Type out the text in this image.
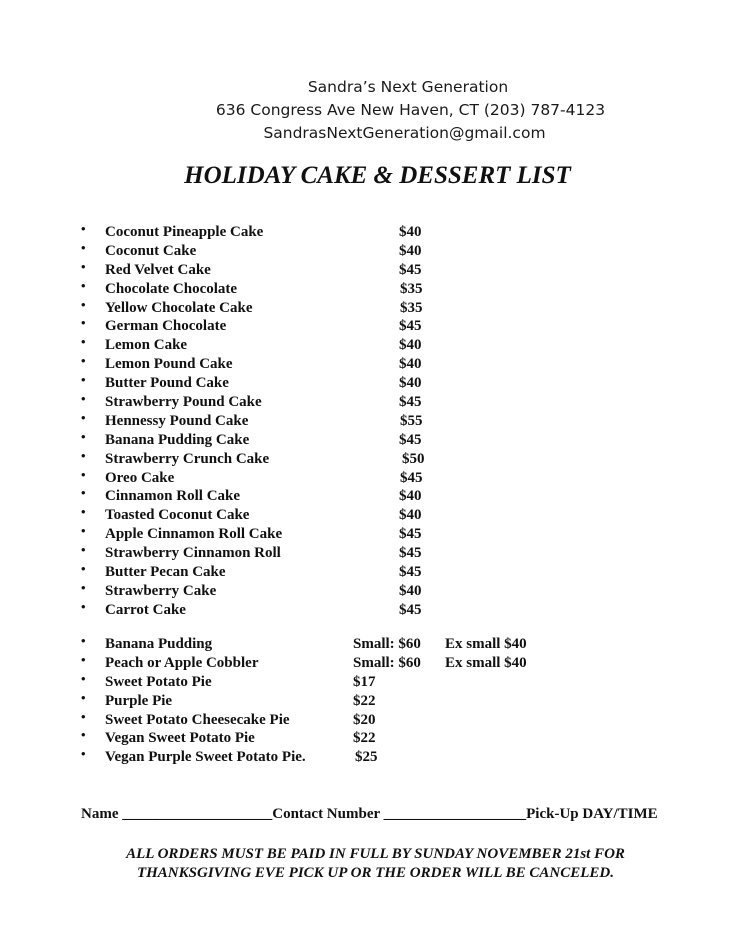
Sandra’s Next Generation
636 Congress Ave New Haven, CT (203) 787-4123
SandrasNextGeneration@gmail.com
HOLIDAY CAKE & DESSERT LIST
• Coconut Pineapple Cake	$40
• Coconut Cake	$40
• Red Velvet Cake	$45
• Chocolate Chocolate	$35
• Yellow Chocolate Cake	$35
• German Chocolate	$45
• Lemon Cake	$40
• Lemon Pound Cake	$40
• Butter Pound Cake	$40
• Strawberry Pound Cake	$45
• Hennessy Pound Cake	$55
• Banana Pudding Cake	$45
• Strawberry Crunch Cake	$50
• Oreo Cake	$45
• Cinnamon Roll Cake	$40
• Toasted Coconut Cake	$40
• Apple Cinnamon Roll Cake	$45
• Strawberry Cinnamon Roll	$45
• Butter Pecan Cake	$45
• Strawberry Cake	$40
• Carrot Cake	$45
• Banana Pudding	Small: $60 Ex small $40
• Peach or Apple Cobbler	Small: $60 Ex small $40
• Sweet Potato Pie	$17
• Purple Pie	$22
• Sweet Potato Cheesecake Pie	$20
• Vegan Sweet Potato Pie	$22
• Vegan Purple Sweet Potato Pie.	$25
Name ____________________Contact Number ___________________Pick-Up DAY/TIME
ALL ORDERS MUST BE PAID IN FULL BY SUNDAY NOVEMBER 21st FOR
THANKSGIVING EVE PICK UP OR THE ORDER WILL BE CANCELED.
